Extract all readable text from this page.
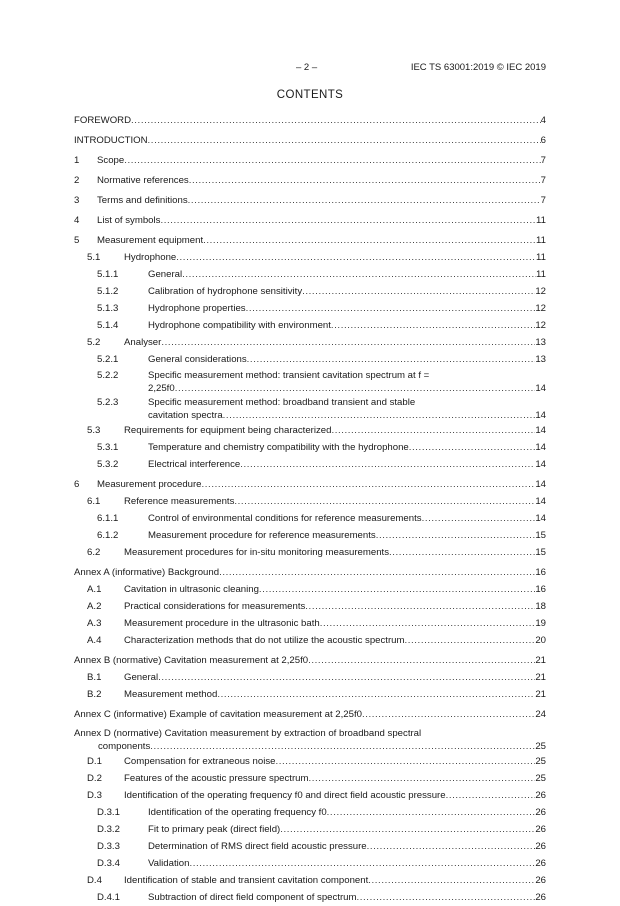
– 2 –	IEC TS 63001:2019 © IEC 2019
CONTENTS
FOREWORD .....	4
INTRODUCTION .....	6
1 Scope .....	7
2 Normative references .....	7
3 Terms and definitions .....	7
4 List of symbols .....	11
5 Measurement equipment .....	11
5.1 Hydrophone .....	11
5.1.1	General .....	11
5.1.2	Calibration of hydrophone sensitivity .....	12
5.1.3	Hydrophone properties .....	12
5.1.4	Hydrophone compatibility with environment .....	12
5.2 Analyser .....	13
5.2.1	General considerations .....	13
5.2.2	Specific measurement method: transient cavitation spectrum at f =
2,25f0 .....	14
5.2.3	Specific measurement method: broadband transient and stable
cavitation spectra .....	14
5.3 Requirements for equipment being characterized .....	14
5.3.1	Temperature and chemistry compatibility with the hydrophone .....	14
5.3.2	Electrical interference .....	14
6 Measurement procedure .....	14
6.1 Reference measurements .....	14
6.1.1	Control of environmental conditions for reference measurements .....	14
6.1.2	Measurement procedure for reference measurements .....	15
6.2 Measurement procedures for in-situ monitoring measurements .....	15
Annex A (informative) Background .....	16
A.1 Cavitation in ultrasonic cleaning .....	16
A.2 Practical considerations for measurements .....	18
A.3 Measurement procedure in the ultrasonic bath .....	19
A.4 Characterization methods that do not utilize the acoustic spectrum .....	20
Annex B (normative) Cavitation measurement at 2,25f0 .....	21
B.1 General .....	21
B.2 Measurement method .....	21
Annex C (informative) Example of cavitation measurement at 2,25f0 .....	24
Annex D (normative) Cavitation measurement by extraction of broadband spectral
components .....	25
D.1 Compensation for extraneous noise .....	25
D.2 Features of the acoustic pressure spectrum .....	25
D.3 Identification of the operating frequency f0 and direct field acoustic pressure .....	26
D.3.1	Identification of the operating frequency f0 .....	26
D.3.2	Fit to primary peak (direct field) .....	26
D.3.3	Determination of RMS direct field acoustic pressure .....	26
D.3.4	Validation .....	26
D.4 Identification of stable and transient cavitation component .....	26
D.4.1	Subtraction of direct field component of spectrum .....	26
